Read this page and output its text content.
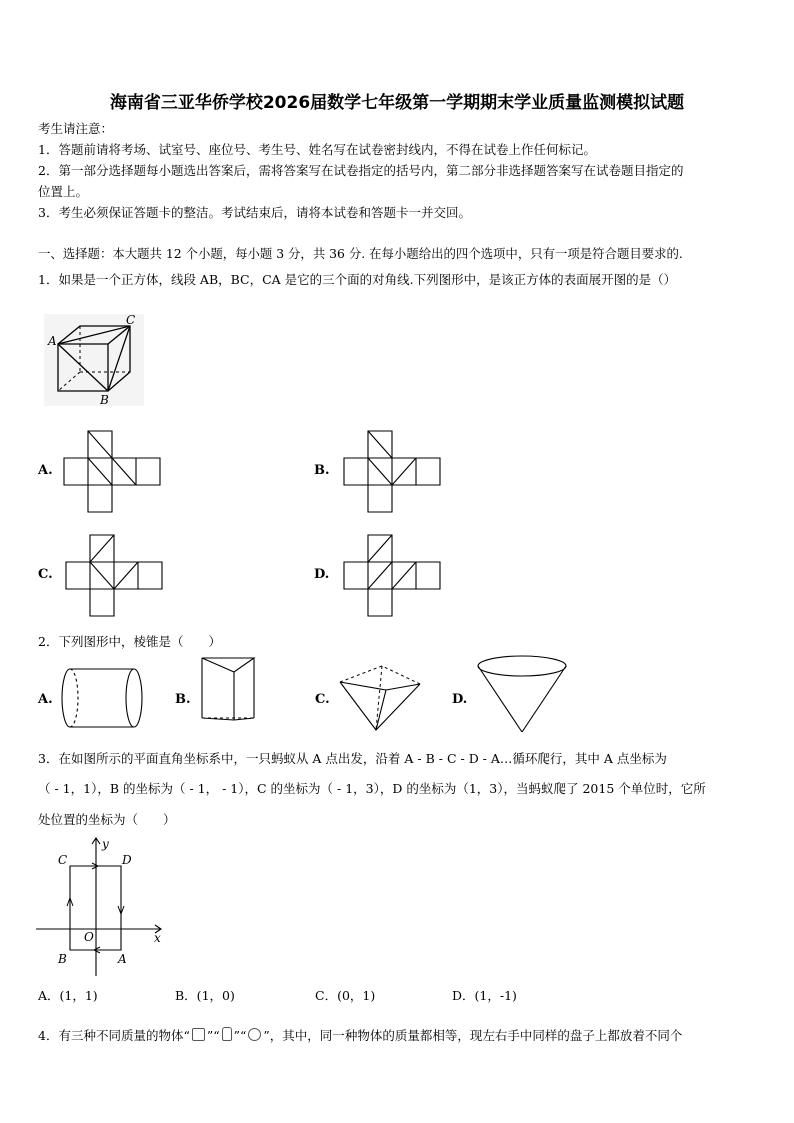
海南省三亚华侨学校2026届数学七年级第一学期期末学业质量监测模拟试题
考生请注意：
1．答题前请将考场、试室号、座位号、考生号、姓名写在试卷密封线内，不得在试卷上作任何标记。
2．第一部分选择题每小题选出答案后，需将答案写在试卷指定的括号内，第二部分非选择题答案写在试卷题目指定的
位置上。
3．考生必须保证答题卡的整洁。考试结束后，请将本试卷和答题卡一并交回。
一、选择题：本大题共 12 个小题，每小题 3 分，共 36 分. 在每小题给出的四个选项中，只有一项是符合题目要求的.
1．如果是一个正方体，线段 AB，BC，CA 是它的三个面的对角线.下列图形中，是该正方体的表面展开图的是（）
A
B
C
A.	B.
C.	D.
2．下列图形中，棱锥是（　　）
A.	B.	C.	D.
3．在如图所示的平面直角坐标系中，一只蚂蚁从 A 点出发，沿着 A - B - C - D - A…循环爬行，其中 A 点坐标为
（ - 1，1），B 的坐标为（ - 1， - 1），C 的坐标为（ - 1，3），D 的坐标为（1，3），当蚂蚁爬了 2015 个单位时，它所
处位置的坐标为（　　）
y
x
O
A
B
C	D
A．(1，1)	B．(1，0)	C．(0，1)	D．(1，-1)
4．有三种不同质量的物体“ ”“ ”“ ”，其中，同一种物体的质量都相等，现左右手中同样的盘子上都放着不同个
